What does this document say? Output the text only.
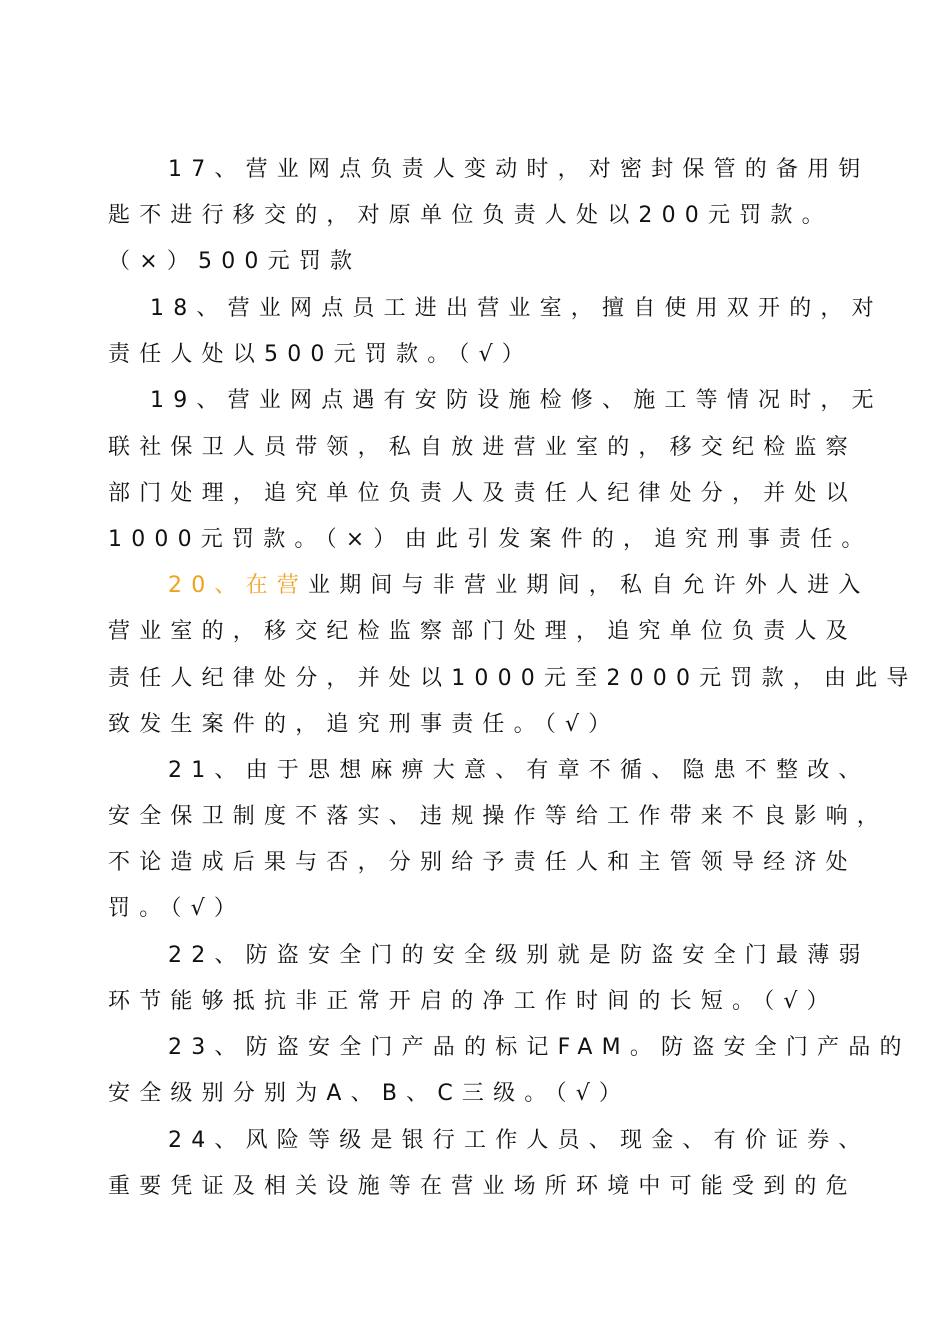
17、营业网点负责人变动时，对密封保管的备用钥
匙不进行移交的，对原单位负责人处以200元罚款。
（×）500元罚款
18、营业网点员工进出营业室，擅自使用双开的，对
责任人处以500元罚款。（√）
19、营业网点遇有安防设施检修、施工等情况时，无
联社保卫人员带领，私自放进营业室的，移交纪检监察
部门处理，追究单位负责人及责任人纪律处分，并处以
1000元罚款。（×）由此引发案件的，追究刑事责任。
20、在营业期间与非营业期间，私自允许外人进入
营业室的，移交纪检监察部门处理，追究单位负责人及
责任人纪律处分，并处以1000元至2000元罚款，由此导
致发生案件的，追究刑事责任。（√）
21、由于思想麻痹大意、有章不循、隐患不整改、
安全保卫制度不落实、违规操作等给工作带来不良影响，
不论造成后果与否，分别给予责任人和主管领导经济处
罚。（√）
22、防盗安全门的安全级别就是防盗安全门最薄弱
环节能够抵抗非正常开启的净工作时间的长短。（√）
23、防盗安全门产品的标记FAM。防盗安全门产品的
安全级别分别为A、B、C三级。（√）
24、风险等级是银行工作人员、现金、有价证券、
重要凭证及相关设施等在营业场所环境中可能受到的危
